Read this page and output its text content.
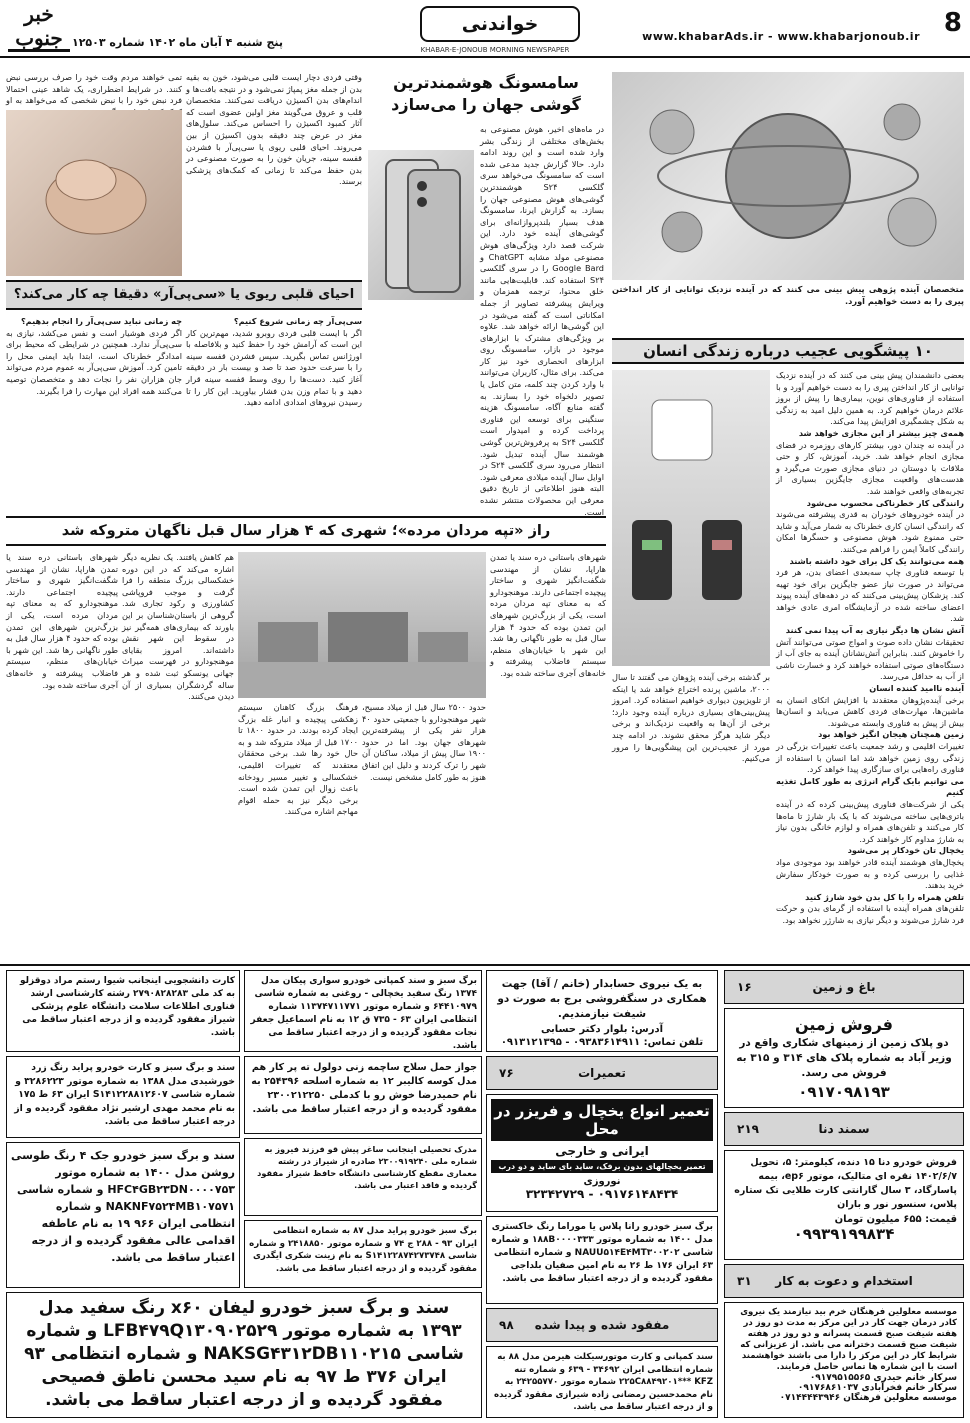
8
www.khabarAds.ir - www.khabarjonoub.ir
خواندنی
KHABAR-E-JONOUB MORNING NEWSPAPER
پنج شنبه ۴ آبان ماه ۱۴۰۲ شماره ۱۲۵۰۳
خبر جنوب
متخصصان آینده پژوهی پیش بینی می کنند که در آینده نزدیک توانایی از کار انداختن پیری را به دست خواهیم آورد.
۱۰ پیشگویی عجیب درباره زندگی انسان
بعضی دانشمندان پیش بینی می کنند که در آینده نزدیک توانایی از کار انداختن پیری را به دست خواهیم آورد و با استفاده از فناوری‌های نوین، بیماری‌ها را پیش از بروز علائم درمان خواهیم کرد. به همین دلیل امید به زندگی به شکل چشمگیری افزایش پیدا می‌کند.
همه‌ی چیز بیشتر از این مجازی خواهد شد
در آینده نه چندان دور، بیشتر کارهای روزمره در فضای مجازی انجام خواهد شد. خرید، آموزش، کار و حتی ملاقات با دوستان در دنیای مجازی صورت می‌گیرد و هدست‌های واقعیت مجازی جایگزین بسیاری از تجربه‌های واقعی خواهند شد.
رانندگی کار خطرناکی محسوب می‌شود
در آینده خودروهای خودران به قدری پیشرفته می‌شوند که رانندگی انسان کاری خطرناک به شمار می‌آید و شاید حتی ممنوع شود. هوش مصنوعی و حسگرها امکان رانندگی کاملاً ایمن را فراهم می‌کنند.
همه می‌توانند یک کل برای خود داشته باشند
با توسعه فناوری چاپ سه‌بعدی اعضای بدن، هر فرد می‌تواند در صورت نیاز عضو جایگزین برای خود تهیه کند. پزشکان پیش‌بینی می‌کنند که در دهه‌های آینده پیوند اعضای ساخته شده در آزمایشگاه امری عادی خواهد شد.
آتش نشان ها دیگر نیازی به آب پیدا نمی کنند
تحقیقات نشان داده صوت و امواج صوتی می‌توانند آتش را خاموش کنند. بنابراین آتش‌نشانان آینده به جای آب از دستگاه‌های صوتی استفاده خواهند کرد و خسارت ناشی از آب به حداقل می‌رسد.
آینده ناامید کننده انسان
برخی آینده‌پژوهان معتقدند با افزایش اتکای انسان به ماشین‌ها، مهارت‌های فردی کاهش می‌یابد و انسان‌ها بیش از پیش به فناوری وابسته می‌شوند.
زمین همچنان هیجان انگیز خواهد بود
تغییرات اقلیمی و رشد جمعیت باعث تغییرات بزرگی در زندگی روی زمین خواهد شد اما انسان با استفاده از فناوری راه‌هایی برای سازگاری پیدا خواهد کرد.
می توانیم بایک گرام انرژی به طور کامل تغذیه کنیم
یکی از شرکت‌های فناوری پیش‌بینی کرده که در آینده باتری‌هایی ساخته می‌شوند که با یک بار شارژ تا ماه‌ها کار می‌کنند و تلفن‌های همراه و لوازم خانگی بدون نیاز به شارژ مداوم کار خواهند کرد.
یخچال تان خودکار پر می‌شود
یخچال‌های هوشمند آینده قادر خواهند بود موجودی مواد غذایی را بررسی کرده و به صورت خودکار سفارش خرید بدهند.
تلفن همراه را با کل بدن خود شارژ کنید
تلفن‌های همراه آینده با استفاده از گرمای بدن و حرکت فرد شارژ می‌شوند و دیگر نیازی به شارژر نخواهد بود.
بر گذشته برخی آینده پژوهان می گفتند تا سال ۲۰۰۰، ماشین پرنده اختراع خواهد شد یا اینکه از تلویزیون دیواری خواهیم استفاده کرد. امروز پیش‌بینی‌های بسیاری درباره آینده وجود دارد؛ برخی از آن‌ها به واقعیت نزدیک‌اند و برخی دیگر شاید هرگز محقق نشوند. در ادامه چند مورد از عجیب‌ترین این پیشگویی‌ها را مرور می‌کنیم.
سامسونگ هوشمندترین گوشی جهان را می‌سازد
در ماه‌های اخیر، هوش مصنوعی به بخش‌های مختلفی از زندگی بشر وارد شده است و این روند ادامه دارد. حالا گزارش جدید مدعی شده است که سامسونگ می‌خواهد سری گلکسی S۲۴ هوشمندترین گوشی‌های هوش مصنوعی جهان را بسازد. به گزارش ایرنا، سامسونگ هدف بسیار بلندپروازانه‌ای برای گوشی‌های آینده خود دارد. این شرکت قصد دارد ویژگی‌های هوش مصنوعی مولد مشابه ChatGPT و Google Bard را در سری گلکسی S۲۴ استفاده کند. قابلیت‌هایی مانند خلق محتوا، ترجمه همزمان و ویرایش پیشرفته تصاویر از جمله امکاناتی است که گفته می‌شود در این گوشی‌ها ارائه خواهد شد. علاوه بر ویژگی‌های مشترک با ابزارهای موجود در بازار، سامسونگ روی ابزارهای انحصاری خود نیز کار می‌کند. برای مثال، کاربران می‌توانند با وارد کردن چند کلمه، متن کامل یا تصویر دلخواه خود را بسازند. به گفته منابع آگاه، سامسونگ هزینه سنگینی برای توسعه این فناوری پرداخت کرده و امیدوار است گلکسی S۲۴ به پرفروش‌ترین گوشی هوشمند سال آینده تبدیل شود. انتظار می‌رود سری گلکسی S۲۴ در اوایل سال آینده میلادی معرفی شود. البته هنوز اطلاعاتی از تاریخ دقیق معرفی این محصولات منتشر نشده است.
تمی خواهند مردم وقت خود را صرف بررسی نبض کنند. در شرایط اضطراری، یک شاهد عینی احتمالا فرد نبض خود را با نبض شخصی که می‌خواهد به او
وقتی فردی دچار ایست قلبی می‌شود، خون به بقیه بدن از جمله مغز پمپاژ نمی‌شود و در نتیجه بافت‌ها و اندام‌های بدن اکسیژن دریافت نمی‌کنند. متخصصان قلب و عروق می‌گویند مغز اولین عضوی است که آثار کمبود اکسیژن را احساس می‌کند. سلول‌های مغز در عرض چند دقیقه بدون اکسیژن از بین می‌روند. احیای قلبی ریوی یا سی‌پی‌آر با فشردن قفسه سینه، جریان خون را به صورت مصنوعی در بدن حفظ می‌کند تا زمانی که کمک‌های پزشکی برسند.
احیای قلبی ریوی یا «سی‌پی‌آر» دقیقا چه کار می‌کند؟
سی‌پی‌آر چه زمانی شروع کنیم؟
اگر با ایست قلبی فردی روبرو شدید، مهم‌ترین کار این است که آرامش خود را حفظ کنید و بلافاصله با اورژانس تماس بگیرید. سپس فشردن قفسه سینه را با سرعت حدود صد تا صد و بیست بار در دقیقه آغاز کنید. دست‌ها را روی وسط قفسه سینه قرار دهید و با تمام وزن بدن فشار بیاورید. این کار را تا رسیدن نیروهای امدادی ادامه دهید.
چه زمانی نباید سی‌پی‌آر را انجام بدهیم؟
اگر فردی هوشیار است و نفس می‌کشد، نیازی به سی‌پی‌آر ندارد. همچنین در شرایطی که محیط برای امدادگر خطرناک است، ابتدا باید ایمنی محل را تامین کرد. آموزش سی‌پی‌آر به عموم مردم می‌تواند جان هزاران نفر را نجات دهد و متخصصان توصیه می‌کنند همه افراد این مهارت را فرا بگیرند.
راز «تپه مردان مرده»؛ شهری که ۴ هزار سال قبل ناگهان متروکه شد
شهرهای باستانی دره سند یا تمدن هاراپا، نشان از مهندسی شگفت‌انگیز شهری و ساختار پیچیده اجتماعی دارند. موهنجودارو که به معنای تپه مردان مرده است، یکی از بزرگ‌ترین شهرهای این تمدن بوده که حدود ۴ هزار سال قبل به طور ناگهانی رها شد. این شهر با خیابان‌های منظم، سیستم فاضلاب پیشرفته و خانه‌های آجری ساخته شده بود.
حدود ۲۵۰۰ سال قبل از میلاد مسیح، شهر موهنجودارو با جمعیتی حدود ۴۰ هزار نفر یکی از پیشرفته‌ترین شهرهای جهان بود. اما در حدود ۱۹۰۰ سال پیش از میلاد، ساکنان آن شهر را ترک کردند و دلیل این اتفاق هنوز به طور کامل مشخص نیست.
فرهنگ بزرگ کاهنان سیستم زهکشی پیچیده و انبار غله بزرگ ایجاد کرده بودند. در حدود ۱۸۰۰ تا ۱۷۰۰ قبل از میلاد متروکه شد و به حال خود رها شد. برخی محققان معتقدند که تغییرات اقلیمی، خشکسالی و تغییر مسیر رودخانه باعث زوال این تمدن شده است. برخی دیگر نیز به حمله اقوام مهاجم اشاره می‌کنند.
هم کاهش یافتند. یک نظریه دیگر اشاره می‌کند که در این دوره خشکسالی بزرگ منطقه را فرا گرفت و موجب فروپاشی کشاورزی و رکود تجاری شد. گروهی از باستان‌شناسان بر این باورند که بیماری‌های همه‌گیر نیز در سقوط این شهر نقش داشته‌اند. امروز بقایای موهنجودارو در فهرست میراث جهانی یونسکو ثبت شده و هر ساله گردشگران بسیاری از آن دیدن می‌کنند.
شهرهای باستانی دره سند یا تمدن هاراپا، نشان از مهندسی شگفت‌انگیز شهری و ساختار پیچیده اجتماعی دارند. موهنجودارو که به معنای تپه مردان مرده است، یکی از بزرگ‌ترین شهرهای این تمدن بوده که حدود ۴ هزار سال قبل به طور ناگهانی رها شد. این شهر با خیابان‌های منظم، سیستم فاضلاب پیشرفته و خانه‌های آجری ساخته شده بود.
باغ و زمین
۱۶
فروش زمین
دو پلاک زمین از زمینهای شکاری واقع در وزیر آباد به شماره پلاک های ۳۱۴ و ۳۱۵ به فروش می رسد.
۰۹۱۷۰۹۸۱۹۳
سمند دنا
۲۱۹
فروش خودرو دنا ۱۵ دنده، کیلومتر: ۵، تحویل ۱۴۰۲/۶/۷ نقره ای متالیک، موتور ep۶، بیمه پاسارگاد، ۳ سال گارانتی کارت طلایی تک ستاره پلاس، سنسور نور و باران
قیمت: ۶۵۵ میلیون تومان
۰۹۹۳۹۱۹۹۸۳۴
استخدام و دعوت به کار
۳۱
موسسه معلولین فرهنگان خرم بید نیازمند یک نیروی کادر درمان جهت کار در این مرکز به مدت دو روز در هفته شیفت صبح قسمت پسرانه و دو روز در هفته شیفت صبح قسمت دخترانه می باشد. از عزیزانی که شرایط کار در این مرکز را دارا می باشند خواهشمند است با این شماره ها تماس حاصل فرمایند.
سرکار خانم حیدری ۰۹۱۷۹۵۱۵۵۶۵
سرکار خانم فخرآبادی ۰۹۱۷۶۸۶۱۰۳۷
موسسه معلولین فرهنگان ۰۷۱۴۴۴۴۳۹۴۶
به یک نیروی حسابدار (خانم / آقا) جهت همکاری در سنگفروشی برج به صورت دو شیفت نیازمندیم.
آدرس: بلوار دکتر حسابی
تلفن تماس: ۰۹۳۸۳۶۱۴۹۱۱ - ۰۹۱۳۱۲۱۳۹۵
تعمیرات
۷۶
تعمیر انواع یخچال و فریزر در محل
ایرانی و خارجی
تعمیر یخچالهای بدون برفک، ساید بای ساید و دو درب
نوروزی
۰۹۱۷۶۱۴۸۴۳۴ - ۳۲۳۴۲۷۲۹
برگ سبز خودرو رانا پلاس یا موراما رنگ خاکستری مدل ۱۴۰۰ به شماره موتور ۱۸۸B۰۰۰۰۳۳۳ و شماره شاسی NAUU۵۱۴E۴MT۳۰۰۲۰۲ و شماره انتظامی ۶۳ ایران ۱۷۶ ط ۲۶ به نام امین صفیان بلداجی مفقود گردیده و از درجه اعتبار ساقط می باشد.
مفقود شده و پیدا شده
۹۸
سند کمپانی و کارت موتورسیکلت هیرمن مدل ۸۸ به شماره انتظامی ایران ۳۴۶۹۲ - ۶۳۹ و شماره تنه ۲۲۵C۸۸۴۹۲۰۱*** KFZ شماره موتور ۲۴۲۵۵۷۷۰ به نام محمدحسین رمضانی زاده شیرازی مفقود گردیده و از درجه اعتبار ساقط می باشد.
برگ سبز و سند کمپانی خودرو سواری پیکان مدل ۱۳۷۴ رنگ سفید یخچالی - روغنی به شماره شاسی ۶۴۴۱۰۹۷۹ و شماره موتور ۱۱۳۷۴۷۱۱۷۷۱ شماره انتظامی ایران ۶۳ - ۷۳۵ ق ۱۲ به نام اسماعیل جعفر نجات مفقود گردیده و از درجه اعتبار ساقط می باشد.
کارت دانشجویی اینجانب شیوا رستم مراد دوقزلو به کد ملی ۲۷۹۰۸۲۸۲۸۳ رشته کارشناسی ارشد فناوری اطلاعات سلامت دانشگاه علوم پزشکی شیراز مفقود گردیده و از درجه اعتبار ساقط می باشد.
جواز حمل سلاح ساچمه زنی دولول ته پر کار هم مدل کوسه کالیبر ۱۲ به شماره اسلحه ۲۵۴۳۹۶ به نام حمیدرضا خوش رو با کدملی ۲۳۰۰۲۱۲۲۵۰ مفقود گردیده و از درجه اعتبار ساقط می باشد.
سند و برگ سبز و کارت خودرو پراید رنگ زرد خورشیدی مدل ۱۳۸۸ به شماره موتور ۳۲۸۶۲۲۳ و شماره شاسی S۱۴۱۲۲۸۸۱۲۶۰۷ ایران ۶۳ ط ۱۷۵ به نام محمد مهدی ارشیر نژاد مفقود گردیده و از درجه اعتبار ساقط می باشد.
مدرک تحصیلی اینجانب ساغر پیش قو فرزند فیروز به شماره ملی ۲۳۰۰۹۱۹۲۴۰ صادره از شیراز در رشته معماری مقطع کارشناسی دانشگاه حافظ شیراز مفقود گردیده و فاقد اعتبار می باشد.
سند و برگ سبز خودرو جک ۴ رنگ طوسی روشن مدل ۱۴۰۰ به شماره موتور HFC۴GB۲۳DN۰۰۰۰۷۵۳ و شماره شاسی NAKNF۷۵۲۴MB۱۰۷۵۷۱ و شماره انتظامی ایران ۹۶۶ ۱۹ به نام عاطفه اقدامی عالی مفقود گردیده و از درجه اعتبار ساقط می باشد.
برگ سبز خودرو پراید مدل ۸۷ به شماره انتظامی ایران ۹۳ - ۲۸۸ ج ۷۴ و شماره موتور ۲۴۱۸۸۵۰ و شماره شاسی S۱۴۱۲۲۸۷۴۲۷۳۷۴۸ به نام زینت شکری ایگدری مفقود گردیده و از درجه اعتبار ساقط می باشد.
سند و برگ سبز خودرو لیفان x۶۰ رنگ سفید مدل ۱۳۹۳ به شماره موتور LFB۴۷۹Q۱۳۰۹۰۲۵۲۹ و شماره شاسی NAKSG۴۳۱۲DB۱۱۰۲۱۵ و شماره انتظامی ۹۳ ایران ۳۷۶ ط ۹۷ به نام سید محسن ناطق فصیحی مفقود گردیده و از درجه اعتبار ساقط می باشد.
